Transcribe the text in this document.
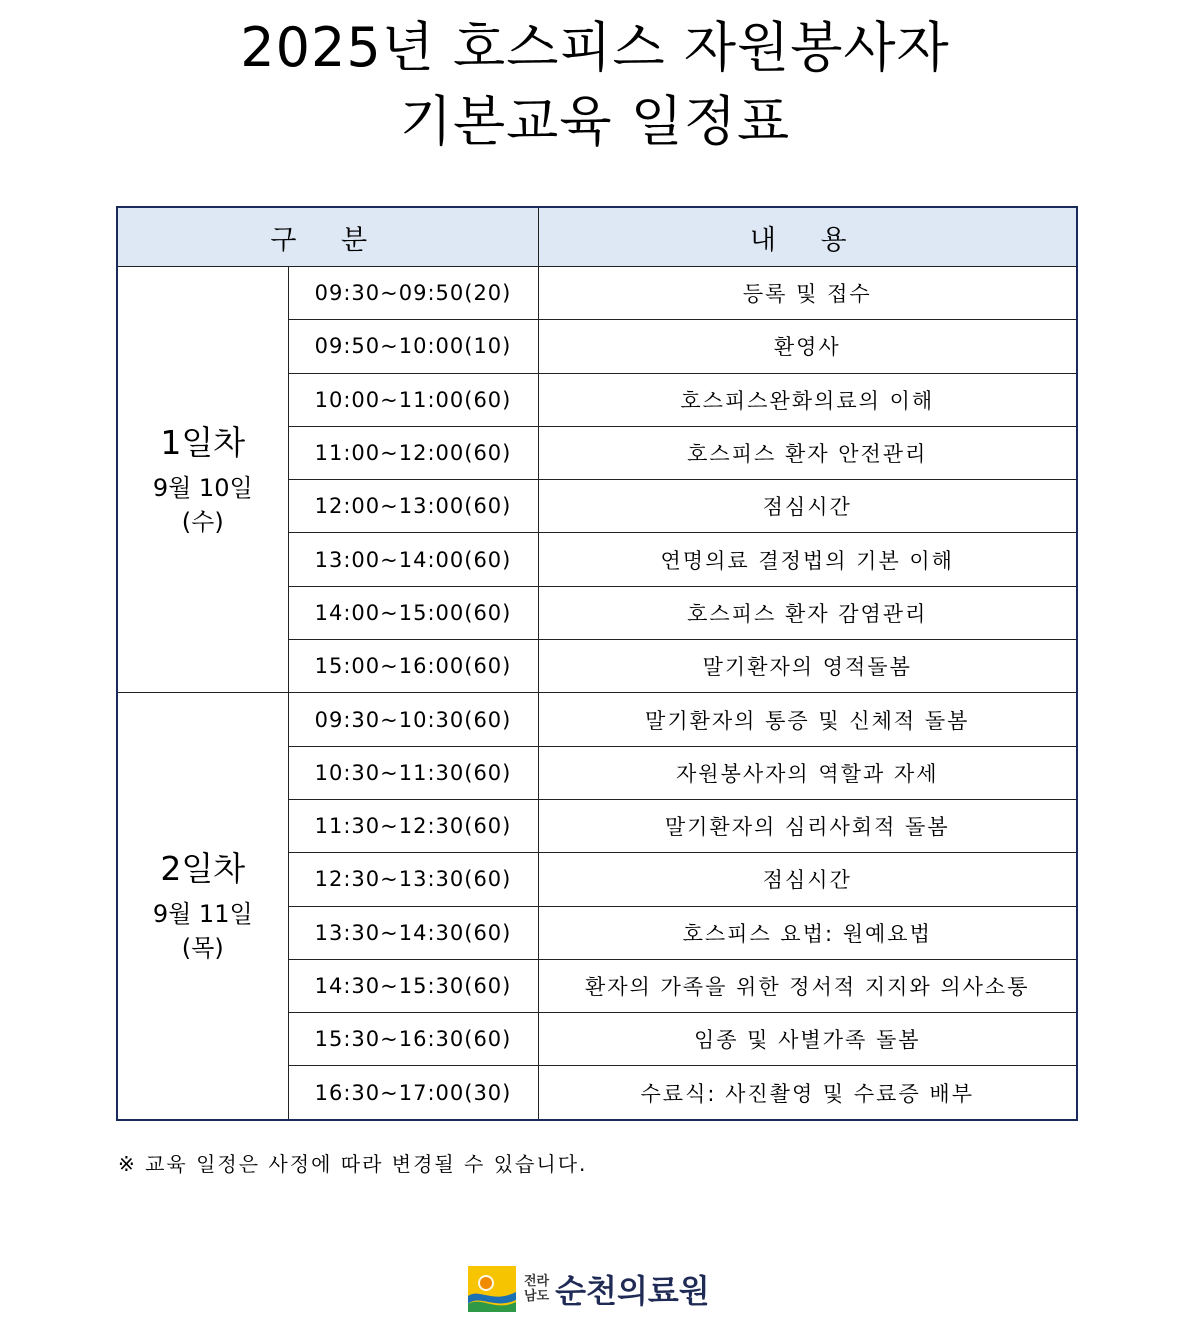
2025년 호스피스 자원봉사자
기본교육 일정표
구 분		내 용

1일차
9월 10일
(수)	09:30~09:50(20)	등록 및 접수
	09:50~10:00(10)	환영사
	10:00~11:00(60)	호스피스완화의료의 이해
	11:00~12:00(60)	호스피스 환자 안전관리
	12:00~13:00(60)	점심시간
	13:00~14:00(60)	연명의료 결정법의 기본 이해
	14:00~15:00(60)	호스피스 환자 감염관리
	15:00~16:00(60)	말기환자의 영적돌봄

2일차
9월 11일
(목)	09:30~10:30(60)	말기환자의 통증 및 신체적 돌봄
	10:30~11:30(60)	자원봉사자의 역할과 자세
	11:30~12:30(60)	말기환자의 심리사회적 돌봄
	12:30~13:30(60)	점심시간
	13:30~14:30(60)	호스피스 요법: 원예요법
	14:30~15:30(60)	환자의 가족을 위한 정서적 지지와 의사소통
	15:30~16:30(60)	임종 및 사별가족 돌봄
	16:30~17:00(30)	수료식: 사진촬영 및 수료증 배부
※ 교육 일정은 사정에 따라 변경될 수 있습니다.
전라
남도 순천의료원
